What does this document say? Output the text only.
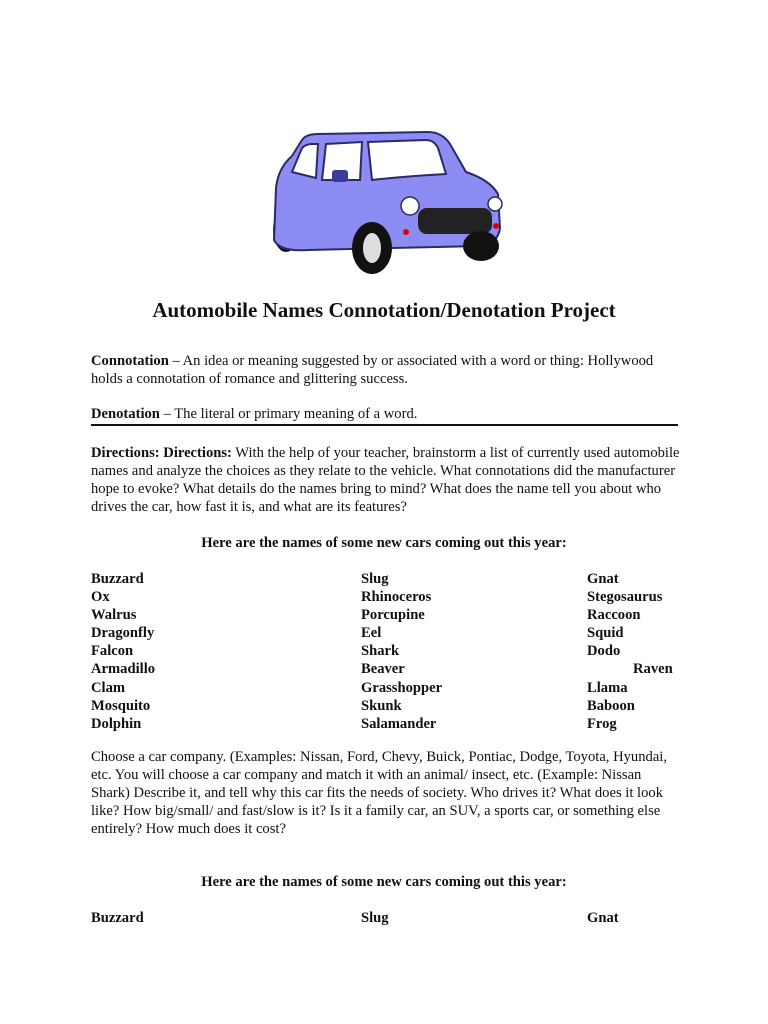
Automobile Names Connotation/Denotation Project

Connotation – An idea or meaning suggested by or associated with a word or thing: Hollywood holds a connotation of romance and glittering success.

Denotation – The literal or primary meaning of a word.

Directions: Directions: With the help of your teacher, brainstorm a list of currently used automobile names and analyze the choices as they relate to the vehicle. What connotations did the manufacturer hope to evoke? What details do the names bring to mind? What does the name tell you about who drives the car, how fast it is, and what are its features?

Here are the names of some new cars coming out this year:
Buzzard
Ox
Walrus
Dragonfly
Falcon
Armadillo
Clam
Mosquito
Dolphin
Slug
Rhinoceros
Porcupine
Eel
Shark
Beaver
Grasshopper
Skunk
Salamander
Gnat
Stegosaurus
Raccoon
Squid
Dodo
Raven
Llama
Baboon
Frog

Choose a car company. (Examples: Nissan, Ford, Chevy, Buick, Pontiac, Dodge, Toyota, Hyundai, etc. You will choose a car company and match it with an animal/ insect, etc. (Example: Nissan Shark) Describe it, and tell why this car fits the needs of society. Who drives it? What does it look like? How big/small/ and fast/slow is it? Is it a family car, an SUV, a sports car, or something else entirely? How much does it cost?

Here are the names of some new cars coming out this year:
Buzzard	Slug	Gnat
